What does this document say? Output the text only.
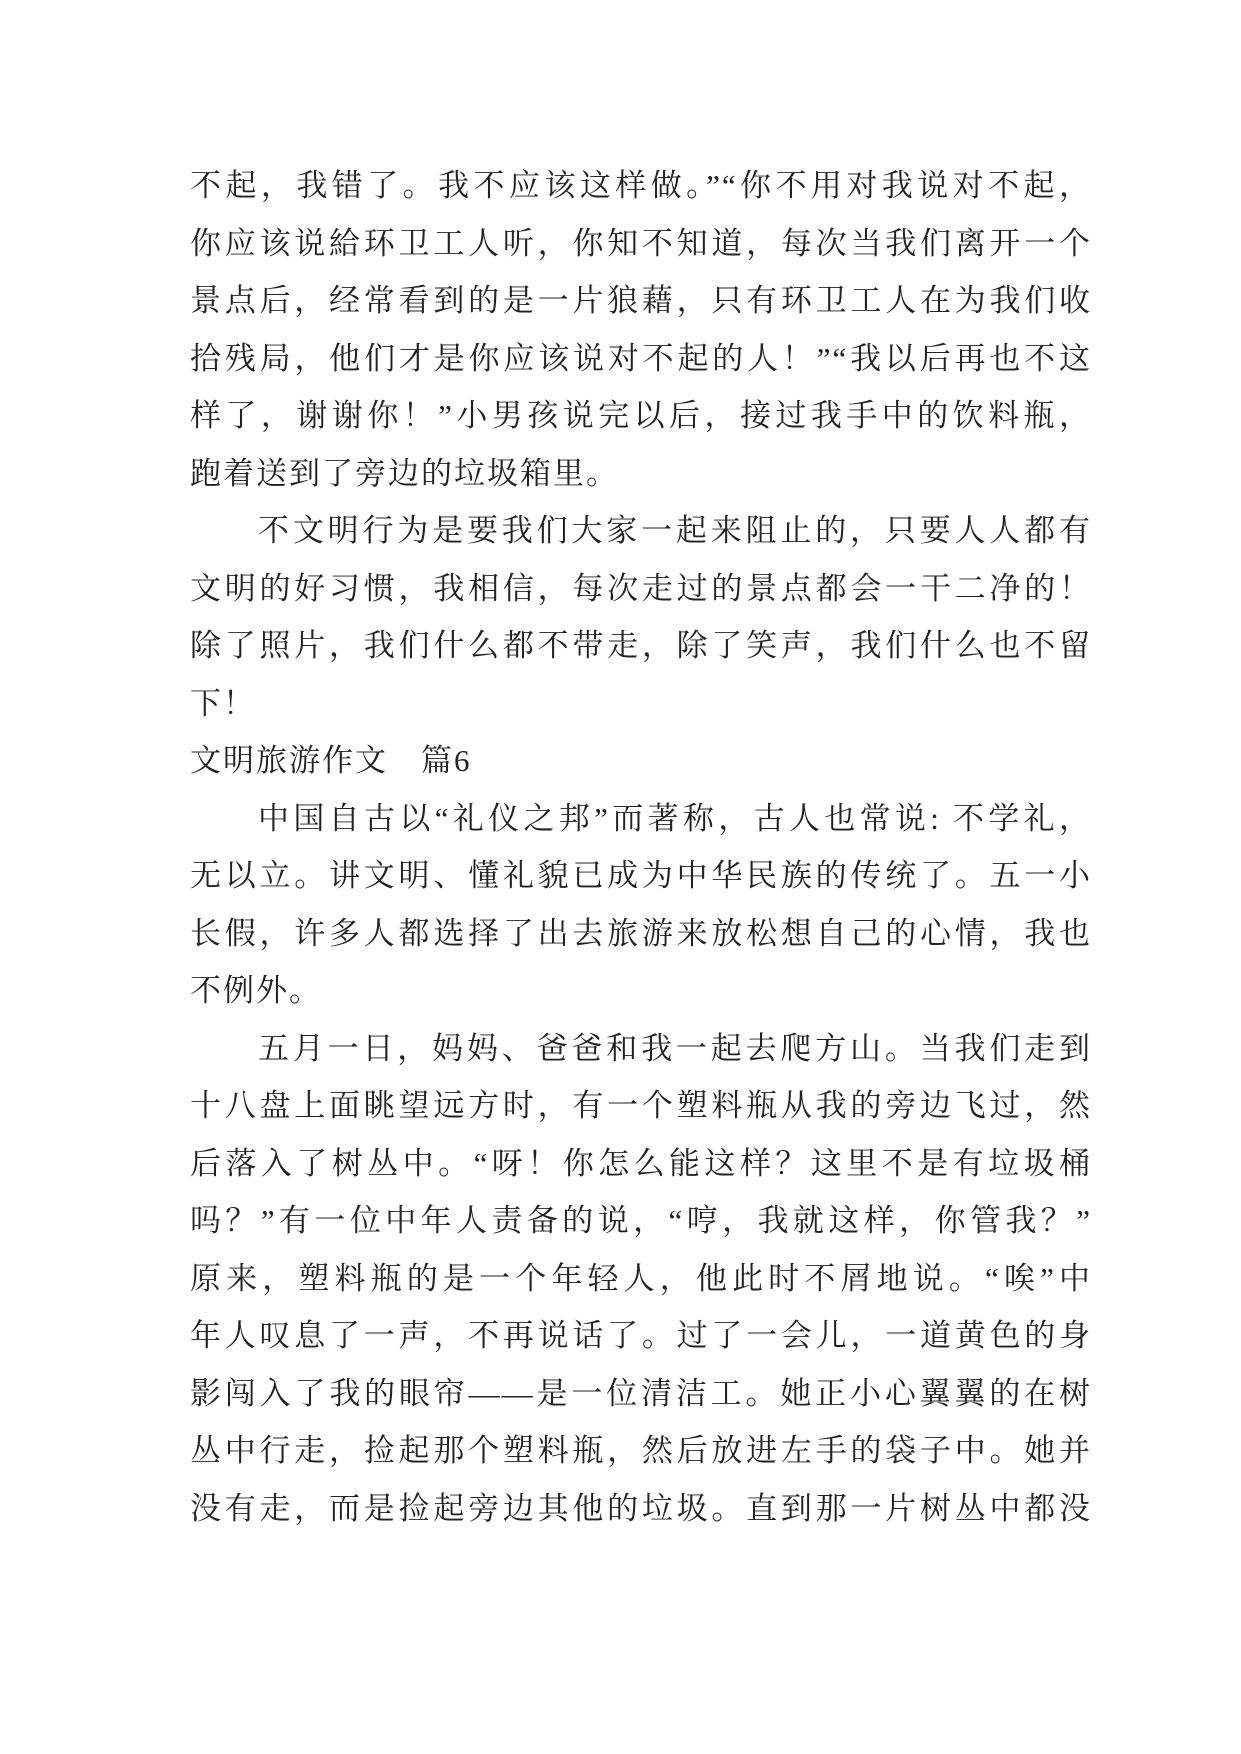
不起，我错了。我不应该这样做。”“你不用对我说对不起，
你应该说給环卫工人听，你知不知道，每次当我们离开一个
景点后，经常看到的是一片狼藉，只有环卫工人在为我们收
拾残局，他们才是你应该说对不起的人！”“我以后再也不这
样了，谢谢你！”小男孩说完以后，接过我手中的饮料瓶，
跑着送到了旁边的垃圾箱里。
不文明行为是要我们大家一起来阻止的，只要人人都有
文明的好习惯，我相信，每次走过的景点都会一干二净的！
除了照片，我们什么都不带走，除了笑声，我们什么也不留
下！
文明旅游作文　篇6
中国自古以“礼仪之邦”而著称，古人也常说: 不学礼，
无以立。讲文明、懂礼貌已成为中华民族的传统了。五一小
长假，许多人都选择了出去旅游来放松想自己的心情，我也
不例外。
五月一日，妈妈、爸爸和我一起去爬方山。当我们走到
十八盘上面眺望远方时，有一个塑料瓶从我的旁边飞过，然
后落入了树丛中。“呀！你怎么能这样？这里不是有垃圾桶
吗？”有一位中年人责备的说，“哼，我就这样，你管我？”
原来，塑料瓶的是一个年轻人，他此时不屑地说。“唉”中
年人叹息了一声，不再说话了。过了一会儿，一道黄色的身
影闯入了我的眼帘——是一位清洁工。她正小心翼翼的在树
丛中行走，捡起那个塑料瓶，然后放进左手的袋子中。她并
没有走，而是捡起旁边其他的垃圾。直到那一片树丛中都没
